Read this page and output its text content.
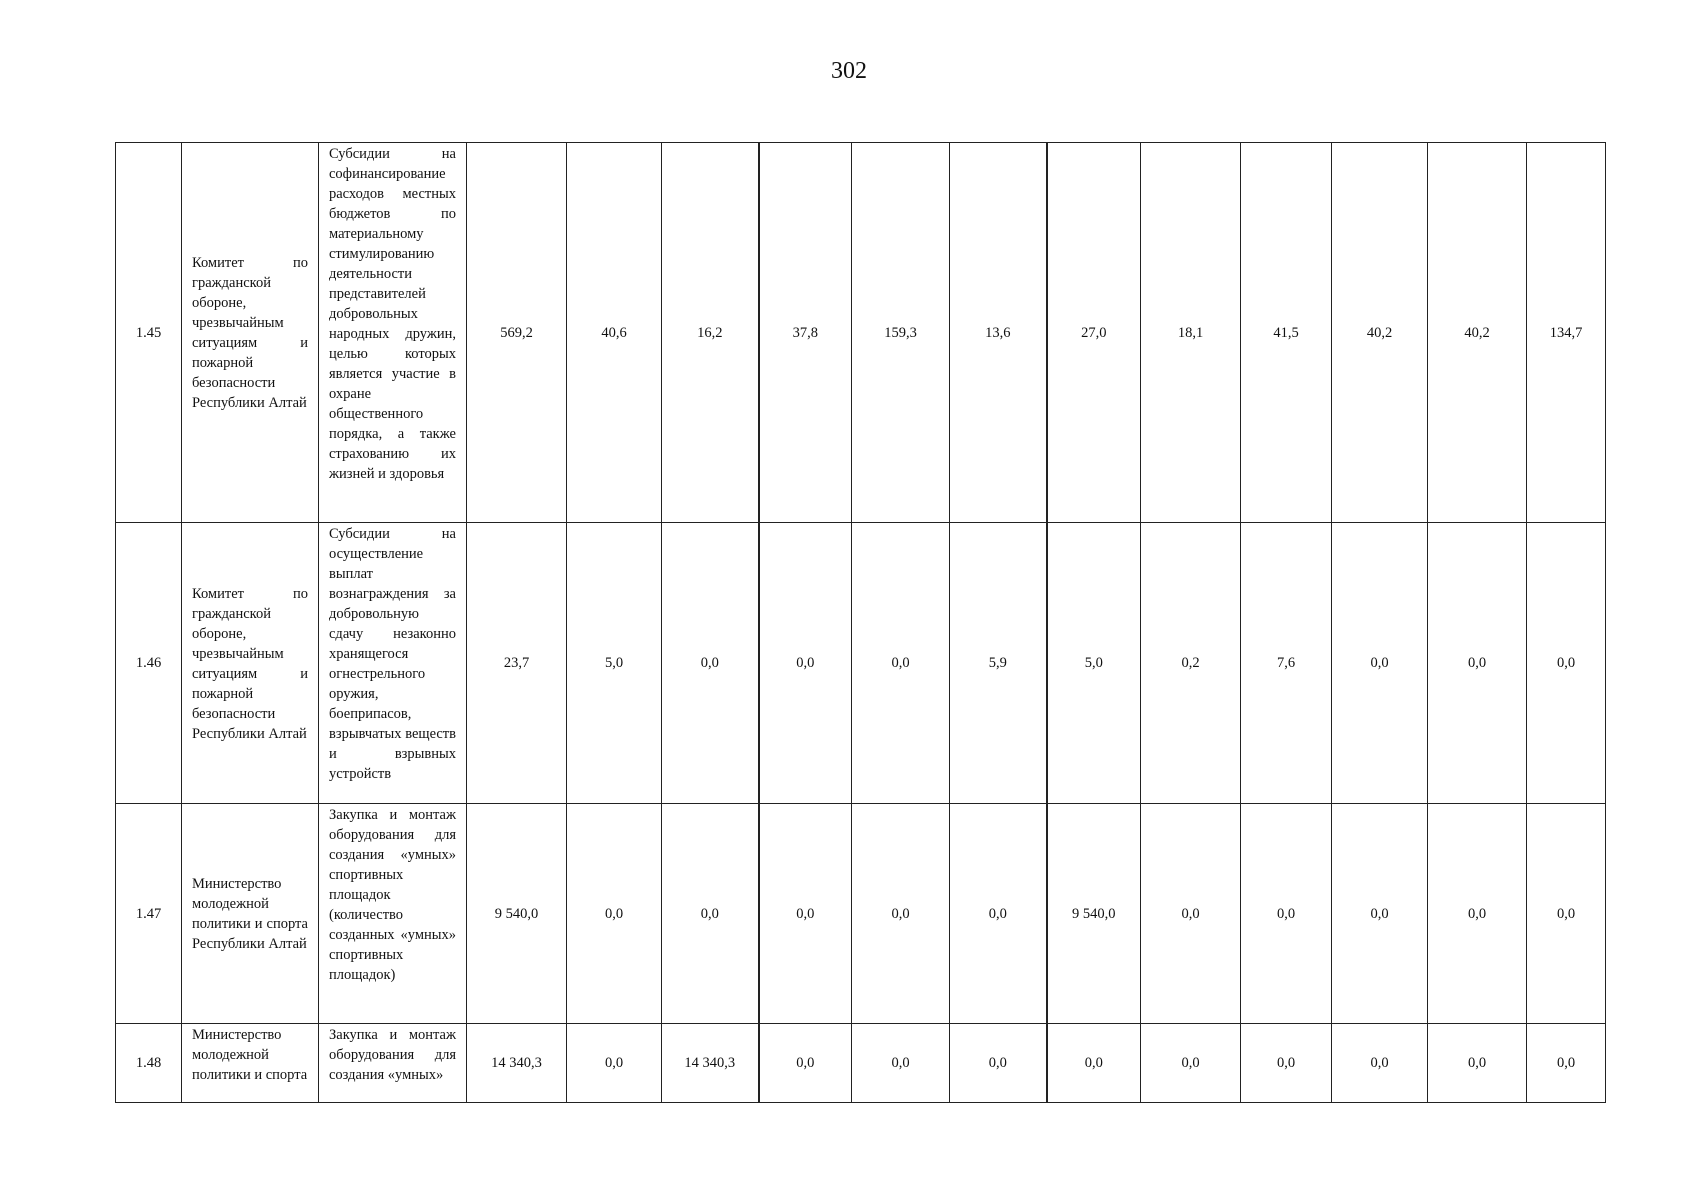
302
1.45	Комитет по гражданской обороне, чрезвычайным ситуациям и пожарной безопасности Республики Алтай	Субсидии на софинансированиe расходов местных бюджетов по материальному стимулированию деятельности представителей добровольных народных дружин, целью которых является участие в охране общественного порядка, а также страхованию их жизней и здоровья	569,2	40,6	16,2	37,8	159,3	13,6	27,0	18,1	41,5	40,2	40,2	134,7
1.46	Комитет по гражданской обороне, чрезвычайным ситуациям и пожарной безопасности Республики Алтай	Субсидии на осуществление выплат вознаграждения за добровольную сдачу незаконно хранящегося огнестрельного оружия, боеприпасов, взрывчатых веществ и взрывных устройств	23,7	5,0	0,0	0,0	0,0	5,9	5,0	0,2	7,6	0,0	0,0	0,0
1.47	Министерство молодежной политики и спорта Республики Алтай	Закупка и монтаж оборудования для создания «умных» спортивных площадок (количество созданных «умных» спортивных площадок)	9 540,0	0,0	0,0	0,0	0,0	0,0	9 540,0	0,0	0,0	0,0	0,0	0,0
1.48	Министерство молодежной политики и спорта	Закупка и монтаж оборудования для создания «умных»	14 340,3	0,0	14 340,3	0,0	0,0	0,0	0,0	0,0	0,0	0,0	0,0	0,0
